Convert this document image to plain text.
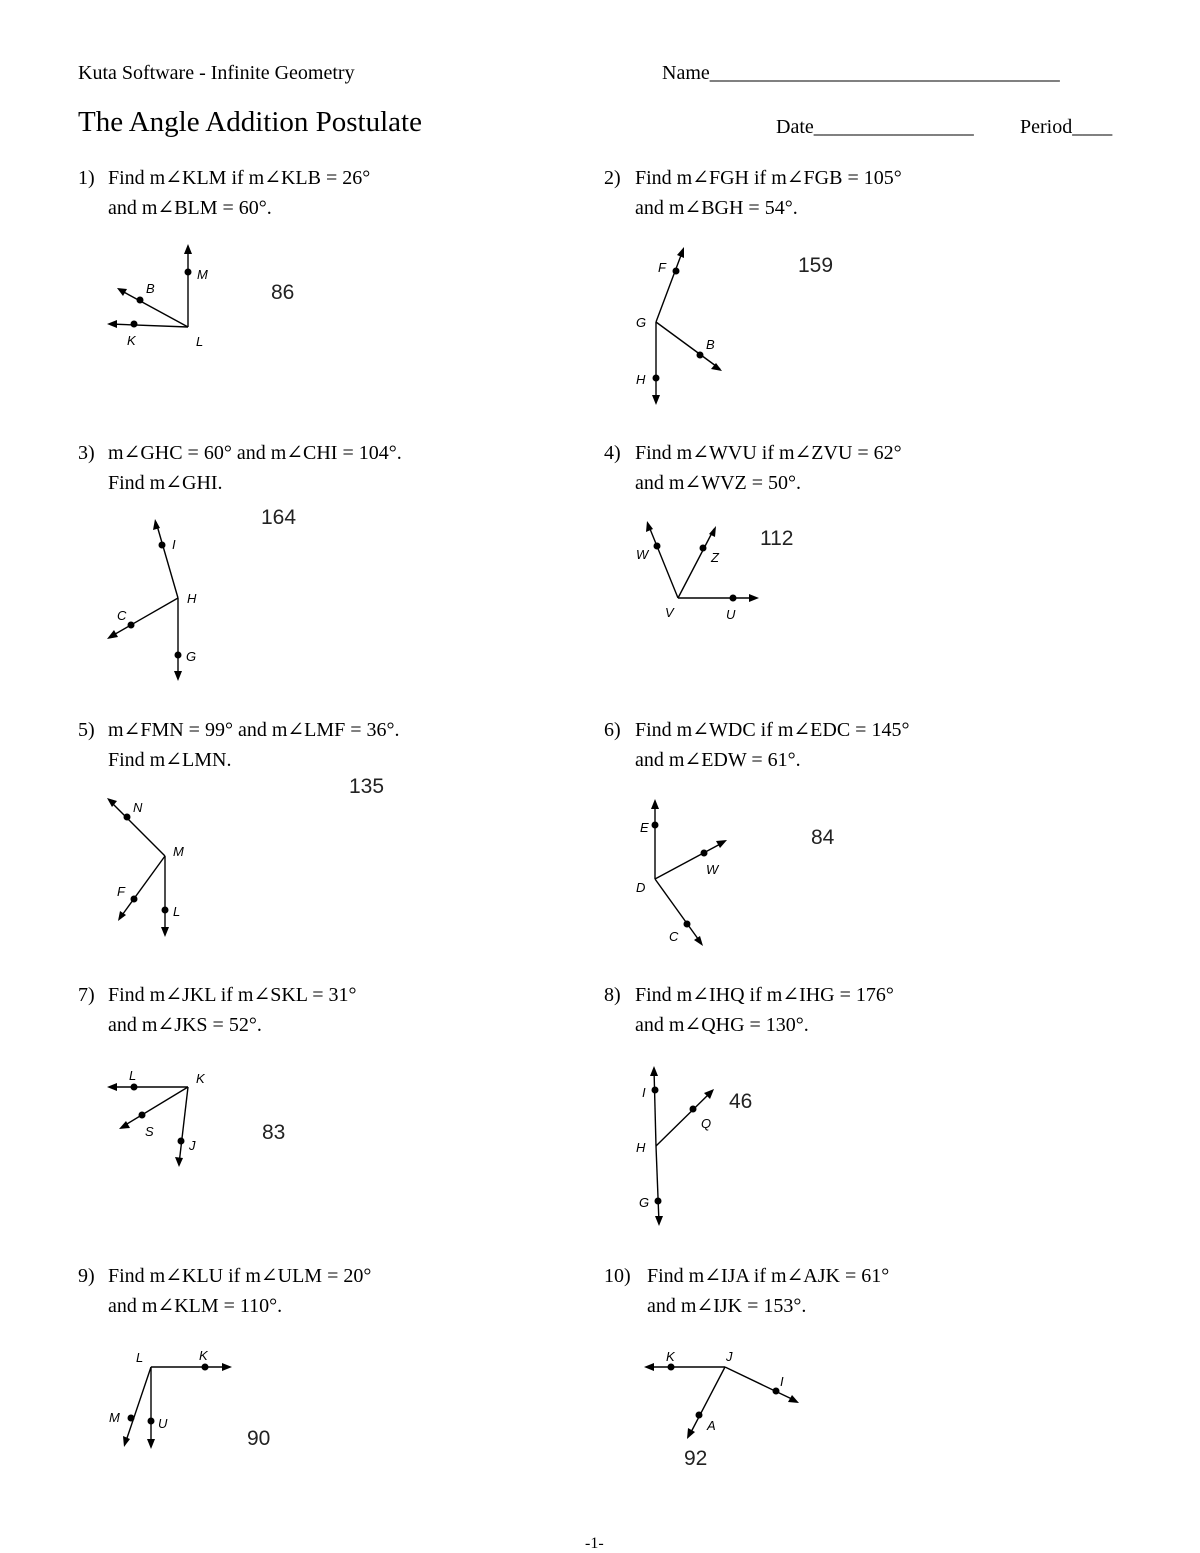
Kuta Software - Infinite Geometry	Name___________________________________
The Angle Addition Postulate	Date________________ Period____
1) Find m∠KLM if m∠KLB = 26°
and m∠BLM = 60°.
2) Find m∠FGH if m∠FGB = 105°
and m∠BGH = 54°.
3) m∠GHC = 60° and m∠CHI = 104°.
Find m∠GHI.
4) Find m∠WVU if m∠ZVU = 62°
and m∠WVZ = 50°.
5) m∠FMN = 99° and m∠LMF = 36°.
Find m∠LMN.
6) Find m∠WDC if m∠EDC = 145°
and m∠EDW = 61°.
7) Find m∠JKL if m∠SKL = 31°
and m∠JKS = 52°.
8) Find m∠IHQ if m∠IHG = 176°
and m∠QHG = 130°.
9) Find m∠KLU if m∠ULM = 20°
and m∠KLM = 110°.
10) Find m∠IJA if m∠AJK = 61°
and m∠IJK = 153°.
86
159
164
112
135
84
83
46
90
92
B
M
K	L
F
G
B
H
I
H
C
G
W	Z
V	U
N
M
F
L
E
W
D
C
L	K
S
J
I
Q
H
G
L	K
M	U
K	J
I
A
-1-
